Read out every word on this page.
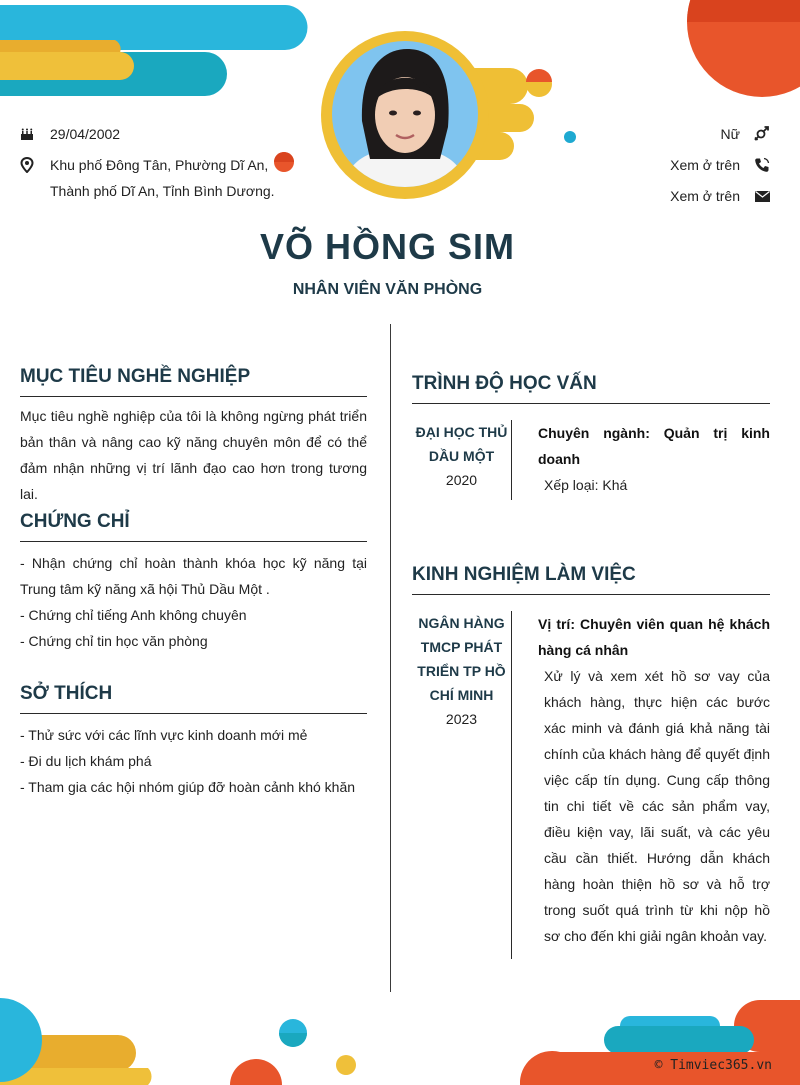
29/04/2002
Khu phố Đông Tân, Phường Dĩ An,
Thành phố Dĩ An, Tỉnh Bình Dương.
Nữ
Xem ở trên
Xem ở trên
VÕ HỒNG SIM
NHÂN VIÊN VĂN PHÒNG
MỤC TIÊU NGHỀ NGHIỆP
Mục tiêu nghề nghiệp của tôi là không ngừng phát triển bản thân và nâng cao kỹ năng chuyên môn để có thể đảm nhận những vị trí lãnh đạo cao hơn trong tương lai.
CHỨNG CHỈ
- Nhận chứng chỉ hoàn thành khóa học kỹ năng tại Trung tâm kỹ năng xã hội Thủ Dầu Một .
- Chứng chỉ tiếng Anh không chuyên
- Chứng chỉ tin học văn phòng
SỞ THÍCH
- Thử sức với các lĩnh vực kinh doanh mới mẻ
- Đi du lịch khám phá
- Tham gia các hội nhóm giúp đỡ hoàn cảnh khó khăn
TRÌNH ĐỘ HỌC VẤN
ĐẠI HỌC THỦ DẦU MỘT
2020
Chuyên ngành: Quản trị kinh doanh
Xếp loại: Khá
KINH NGHIỆM LÀM VIỆC
NGÂN HÀNG TMCP PHÁT TRIỂN TP HỒ CHÍ MINH
2023
Vị trí: Chuyên viên quan hệ khách hàng cá nhân
Xử lý và xem xét hồ sơ vay của khách hàng, thực hiện các bước xác minh và đánh giá khả năng tài chính của khách hàng để quyết định việc cấp tín dụng. Cung cấp thông tin chi tiết về các sản phẩm vay, điều kiện vay, lãi suất, và các yêu cầu cần thiết. Hướng dẫn khách hàng hoàn thiện hồ sơ và hỗ trợ trong suốt quá trình từ khi nộp hồ sơ cho đến khi giải ngân khoản vay.
© Timviec365.vn
